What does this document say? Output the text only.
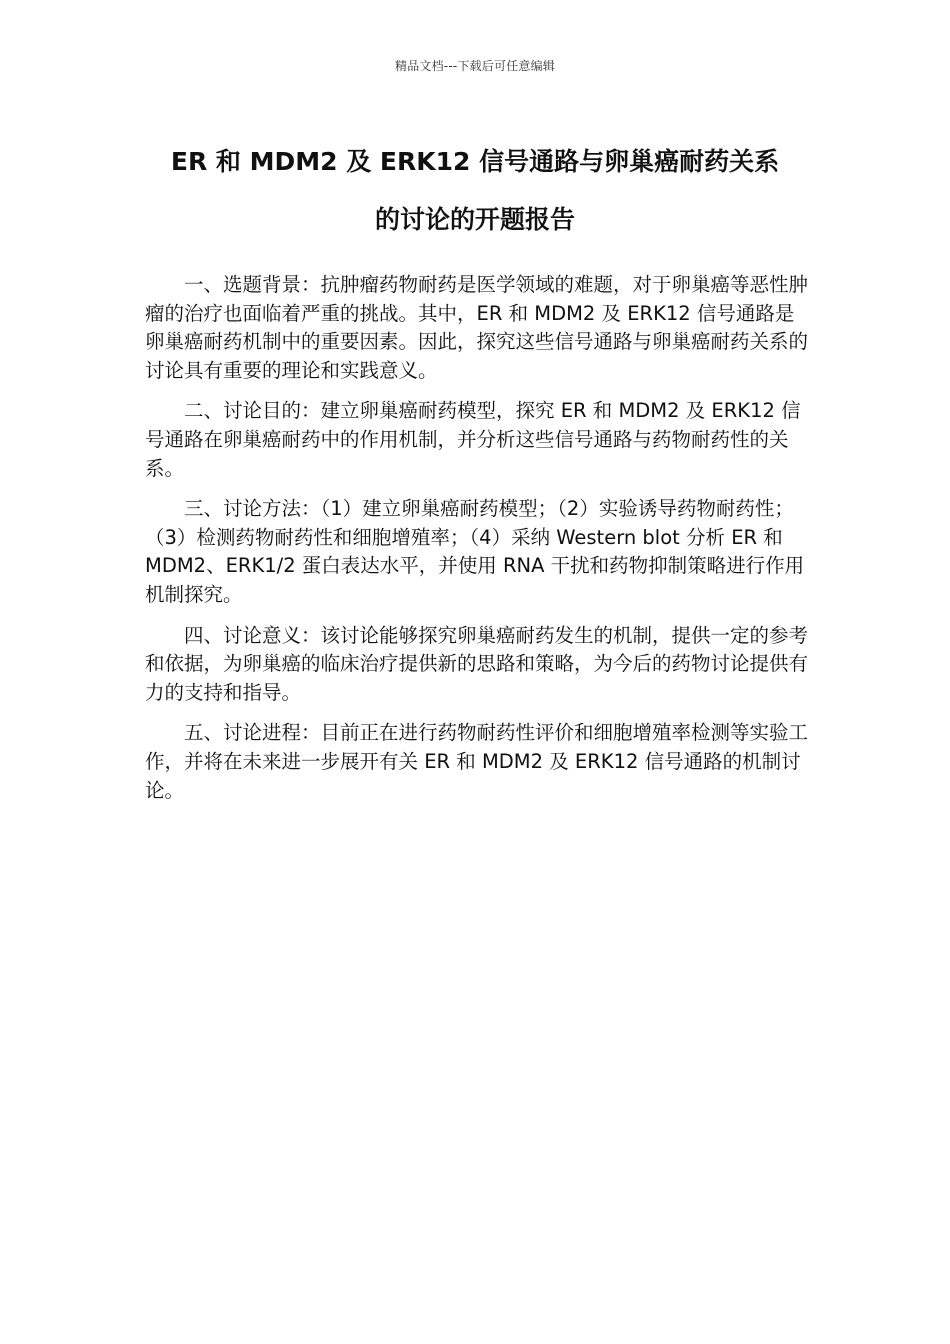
精品文档---下载后可任意编辑
ER 和 MDM2 及 ERK12 信号通路与卵巢癌耐药关系
的讨论的开题报告

一、选题背景：抗肿瘤药物耐药是医学领域的难题，对于卵巢癌等恶性肿瘤的治疗也面临着严重的挑战。其中，ER 和 MDM2 及 ERK12 信号通路是卵巢癌耐药机制中的重要因素。因此，探究这些信号通路与卵巢癌耐药关系的讨论具有重要的理论和实践意义。

二、讨论目的：建立卵巢癌耐药模型，探究 ER 和 MDM2 及 ERK12 信号通路在卵巢癌耐药中的作用机制，并分析这些信号通路与药物耐药性的关系。

三、讨论方法：（1）建立卵巢癌耐药模型；（2）实验诱导药物耐药性；（3）检测药物耐药性和细胞增殖率；（4）采纳 Western blot 分析 ER 和 MDM2、ERK1/2 蛋白表达水平，并使用 RNA 干扰和药物抑制策略进行作用机制探究。

四、讨论意义：该讨论能够探究卵巢癌耐药发生的机制，提供一定的参考和依据，为卵巢癌的临床治疗提供新的思路和策略，为今后的药物讨论提供有力的支持和指导。

五、讨论进程：目前正在进行药物耐药性评价和细胞增殖率检测等实验工作，并将在未来进一步展开有关 ER 和 MDM2 及 ERK12 信号通路的机制讨论。
